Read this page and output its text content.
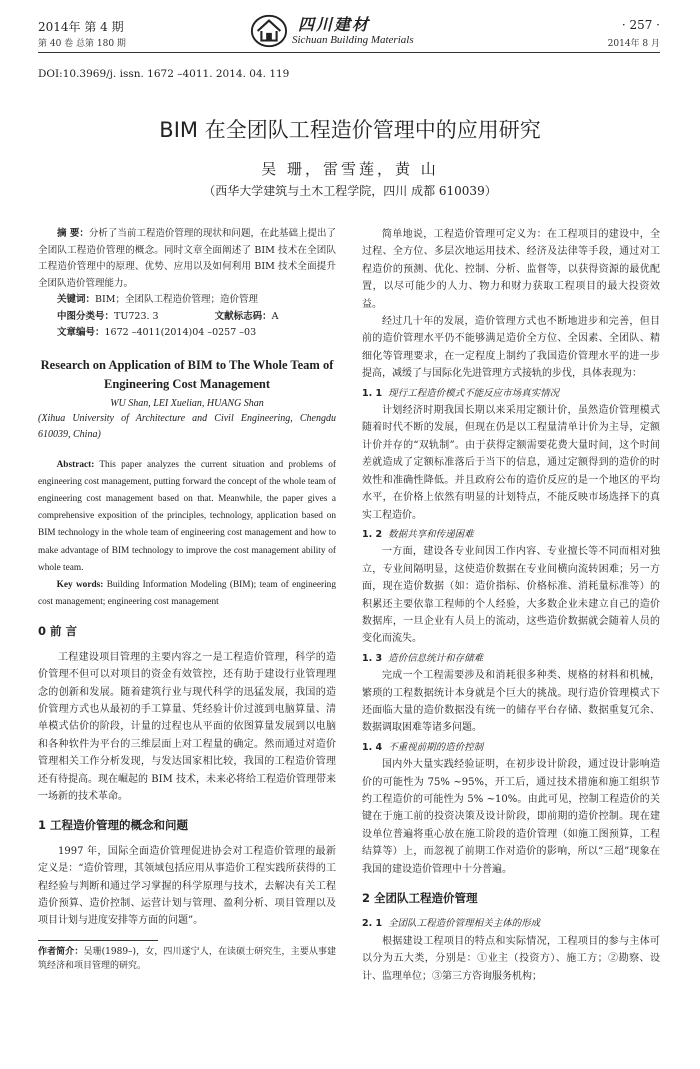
2014年 第 4 期
第 40 卷 总第 180 期
四川建材
Sichuan Building Materials
· 257 ·
2014年 8 月
DOI:10.3969/j. issn. 1672 –4011. 2014. 04. 119
BIM 在全团队工程造价管理中的应用研究
吴 珊，雷雪莲，黄 山
（西华大学建筑与土木工程学院，四川 成都 610039）

摘 要：分析了当前工程造价管理的现状和问题，在此基础上提出了全团队工程造价管理的概念。同时文章全面阐述了 BIM 技术在全团队工程造价管理中的原理、优势、应用以及如何利用 BIM 技术全面提升全团队造价管理能力。

关键词：BIM；全团队工程造价管理；造价管理

中图分类号：TU723. 3	文献标志码：A

文章编号：1672 –4011(2014)04 –0257 –03

Research on Application of BIM to The Whole Team of Engineering Cost Management
WU Shan, LEI Xuelian, HUANG Shan
(Xihua University of Architecture and Civil Engineering, Chengdu 610039, China)

Abstract: This paper analyzes the current situation and problems of engineering cost management, putting forward the concept of the whole team of engineering cost management based on that. Meanwhile, the paper gives a comprehensive exposition of the principles, technology, application based on BIM technology in the whole team of engineering cost management and how to make advantage of BIM technology to improve the cost management ability of whole team.

Key words: Building Information Modeling (BIM); team of engineering cost management; engineering cost management

0 前 言

工程建设项目管理的主要内容之一是工程造价管理，科学的造价管理不但可以对项目的资金有效管控，还有助于建设行业管理理念的创新和发展。随着建筑行业与现代科学的迅猛发展，我国的造价管理方式也从最初的手工算量、凭经验计价过渡到电脑算量、清单模式估价的阶段，计量的过程也从平面的依图算量发展到以电脑和各种软件为平台的三维层面上对工程量的确定。然而通过对造价管理相关工作分析发现，与发达国家相比较，我国的工程造价管理还有待提高。现在崛起的 BIM 技术，未来必将给工程造价管理带来一场新的技术革命。

1 工程造价管理的概念和问题

1997 年，国际全面造价管理促进协会对工程造价管理的最新定义是：“造价管理，其领域包括应用从事造价工程实践所获得的工程经验与判断和通过学习掌握的科学原理与技术，去解决有关工程造价预算、造价控制、运营计划与管理、盈利分析、项目管理以及项目计划与进度安排等方面的问题”。

作者简介：吴珊(1989–)，女，四川遂宁人，在读硕士研究生，主要从事建筑经济和项目管理的研究。

简单地说，工程造价管理可定义为：在工程项目的建设中，全过程、全方位、多层次地运用技术、经济及法律等手段，通过对工程造价的预测、优化、控制、分析、监督等，以获得资源的最优配置，以尽可能少的人力、物力和财力获取工程项目的最大投资效益。

经过几十年的发展，造价管理方式也不断地进步和完善，但目前的造价管理水平仍不能够满足造价全方位、全因素、全团队、精细化等管理要求，在一定程度上制约了我国造价管理水平的进一步提高，减缓了与国际化先进管理方式接轨的步伐，具体表现为：

1. 1 现行工程造价模式不能反应市场真实情况

计划经济时期我国长期以来采用定额计价，虽然造价管理模式随着时代不断的发展，但现在仍是以工程量清单计价为主导，定额计价并存的“双轨制”。由于获得定额需要花费大量时间，这个时间差就造成了定额标准落后于当下的信息，通过定额得到的造价的时效性和准确性降低。并且政府公布的造价反应的是一个地区的平均水平，在价格上依然有明显的计划特点，不能反映市场选择下的真实工程造价。

1. 2 数据共享和传递困难

一方面，建设各专业间因工作内容、专业擅长等不同而相对独立，专业间隔明显，这使造价数据在专业间横向流转困难；另一方面，现在造价数据（如：造价指标、价格标准、消耗量标准等）的积累还主要依靠工程师的个人经验，大多数企业未建立自己的造价数据库，一旦企业有人员上的流动，这些造价数据就会随着人员的变化而流失。

1. 3 造价信息统计和存储难

完成一个工程需要涉及和消耗很多种类、规格的材料和机械，繁琐的工程数据统计本身就是个巨大的挑战。现行造价管理模式下还面临大量的造价数据没有统一的储存平台存储、数据重复冗余、数据调取困难等诸多问题。

1. 4 不重视前期的造价控制

国内外大量实践经验证明，在初步设计阶段，通过设计影响造价的可能性为 75% ~95%，开工后，通过技术措施和施工组织节约工程造价的可能性为 5% ~10%。由此可见，控制工程造价的关键在于施工前的投资决策及设计阶段，即前期的造价控制。现在建设单位普遍将重心放在施工阶段的造价管理（如施工图预算，工程结算等）上，而忽视了前期工作对造价的影响，所以“三超”现象在我国的建设造价管理中十分普遍。

2 全团队工程造价管理
2. 1 全团队工程造价管理相关主体的形成

根据建设工程项目的特点和实际情况，工程项目的参与主体可以分为五大类，分别是：①业主（投资方）、施工方；②勘察、设计、监理单位；③第三方咨询服务机构；
